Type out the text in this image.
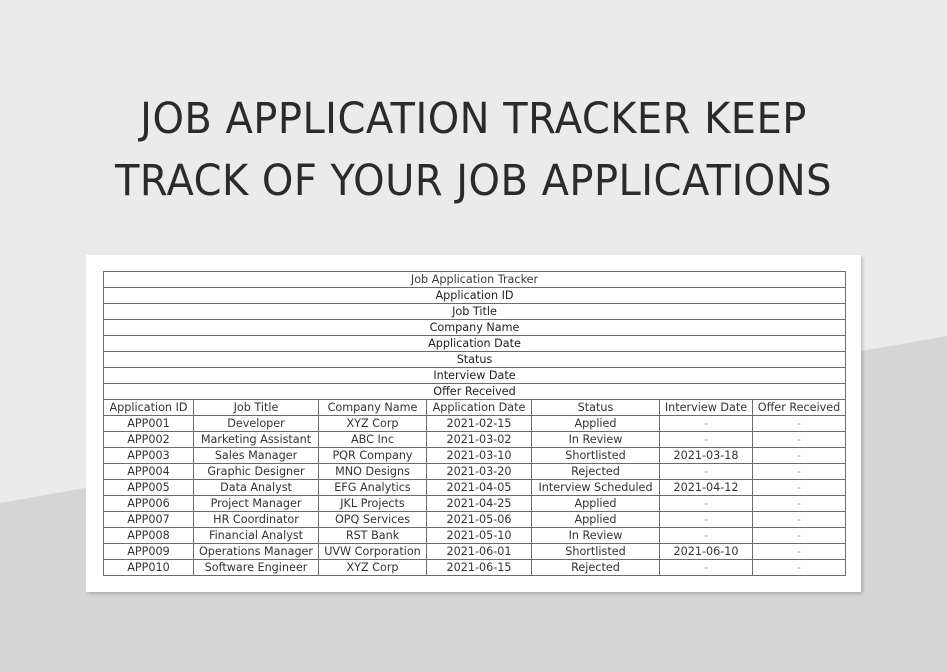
JOB APPLICATION TRACKER KEEP
TRACK OF YOUR JOB APPLICATIONS
Job Application Tracker						
Application ID						
Job Title						
Company Name						
Application Date						
Status						
Interview Date						
Offer Received						
Application ID	Job Title	Company Name	Application Date	Status	Interview Date	Offer Received
APP001	Developer	XYZ Corp	2021-02-15	Applied	-	-
APP002	Marketing Assistant	ABC Inc	2021-03-02	In Review	-	-
APP003	Sales Manager	PQR Company	2021-03-10	Shortlisted	2021-03-18	-
APP004	Graphic Designer	MNO Designs	2021-03-20	Rejected	-	-
APP005	Data Analyst	EFG Analytics	2021-04-05	Interview Scheduled	2021-04-12	-
APP006	Project Manager	JKL Projects	2021-04-25	Applied	-	-
APP007	HR Coordinator	OPQ Services	2021-05-06	Applied	-	-
APP008	Financial Analyst	RST Bank	2021-05-10	In Review	-	-
APP009	Operations Manager	UVW Corporation	2021-06-01	Shortlisted	2021-06-10	-
APP010	Software Engineer	XYZ Corp	2021-06-15	Rejected	-	-
